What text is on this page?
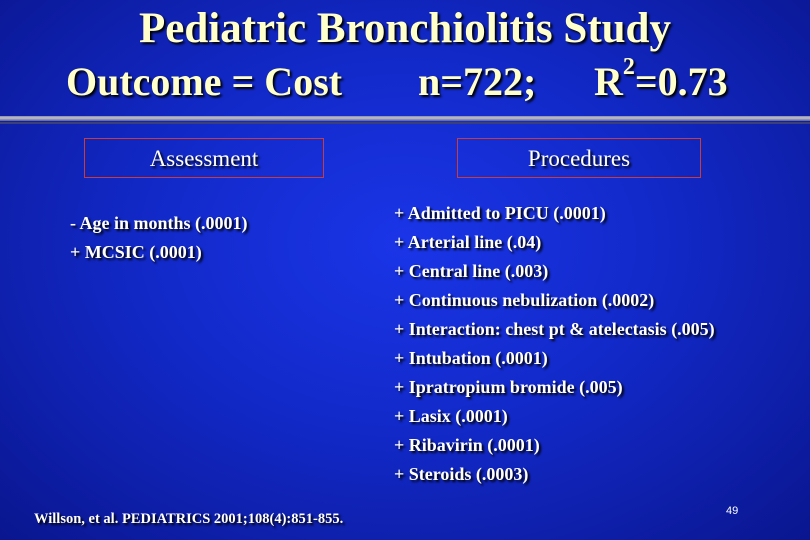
Pediatric Bronchiolitis Study
Outcome = Cost n=722; $R^2=0.73$
Assessment	Procedures
- Age in months (.0001)
+ MCSIC (.0001)
+ Admitted to PICU (.0001)
+ Arterial line (.04)
+ Central line (.003)
+ Continuous nebulization (.0002)
+ Interaction: chest pt & atelectasis (.005)
+ Intubation (.0001)
+ Ipratropium bromide (.005)
+ Lasix (.0001)
+ Ribavirin (.0001)
+ Steroids (.0003)
Willson, et al. PEDIATRICS 2001;108(4):851-855.	49
